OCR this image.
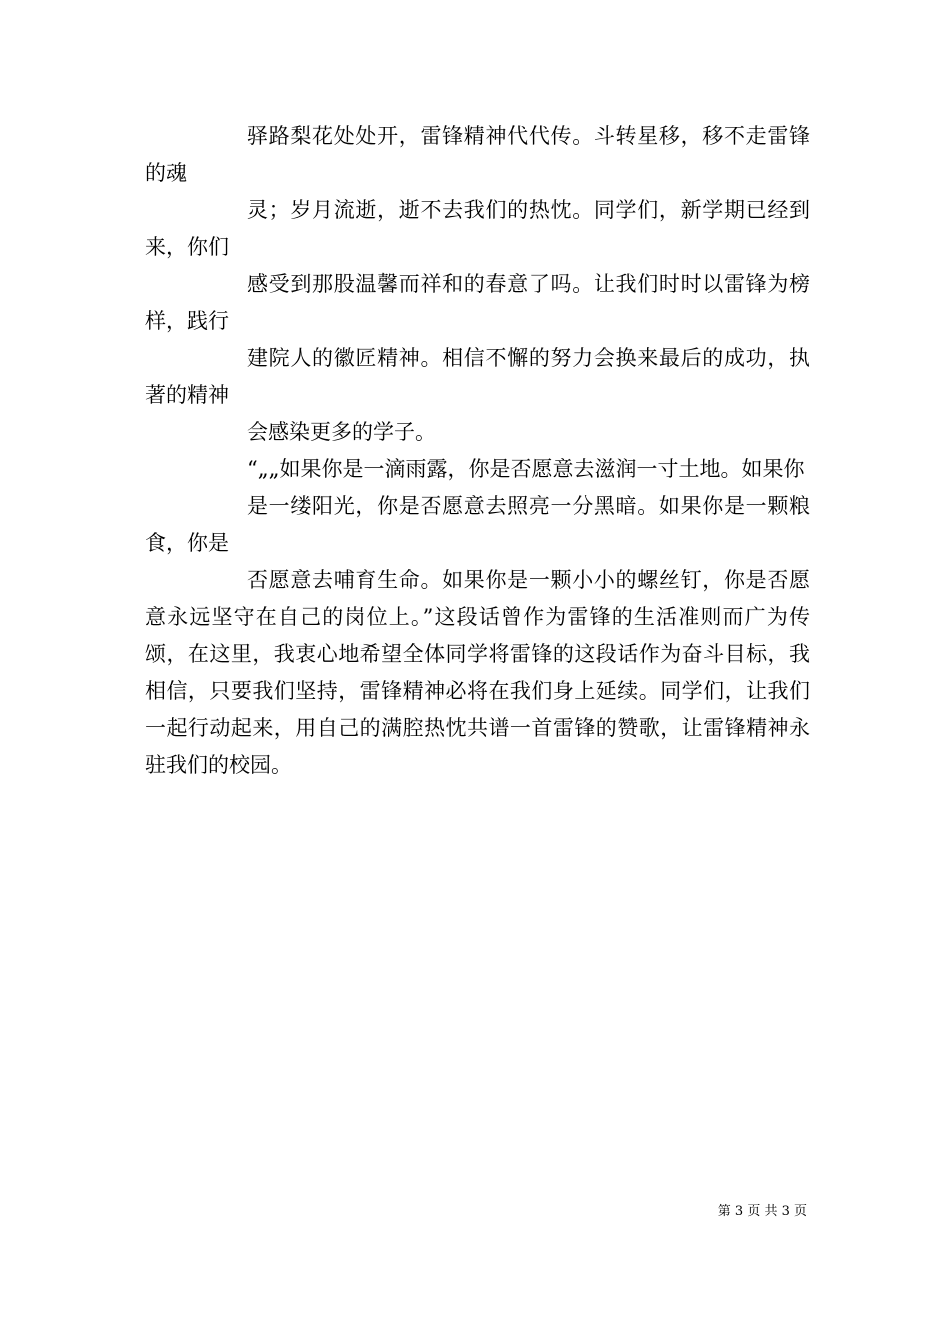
驿路梨花处处开，雷锋精神代代传。斗转星移，移不走雷锋的魂

灵；岁月流逝，逝不去我们的热忱。同学们，新学期已经到来，你们

感受到那股温馨而祥和的春意了吗。让我们时时以雷锋为榜样，践行

建院人的徽匠精神。相信不懈的努力会换来最后的成功，执著的精神

会感染更多的学子。

“„„如果你是一滴雨露，你是否愿意去滋润一寸土地。如果你

是一缕阳光，你是否愿意去照亮一分黑暗。如果你是一颗粮食，你是

否愿意去哺育生命。如果你是一颗小小的螺丝钉，你是否愿意永远坚守在自己的岗位上。”这段话曾作为雷锋的生活准则而广为传颂，在这里，我衷心地希望全体同学将雷锋的这段话作为奋斗目标，我相信，只要我们坚持，雷锋精神必将在我们身上延续。同学们，让我们一起行动起来，用自己的满腔热忱共谱一首雷锋的赞歌，让雷锋精神永驻我们的校园。

第 3 页 共 3 页
